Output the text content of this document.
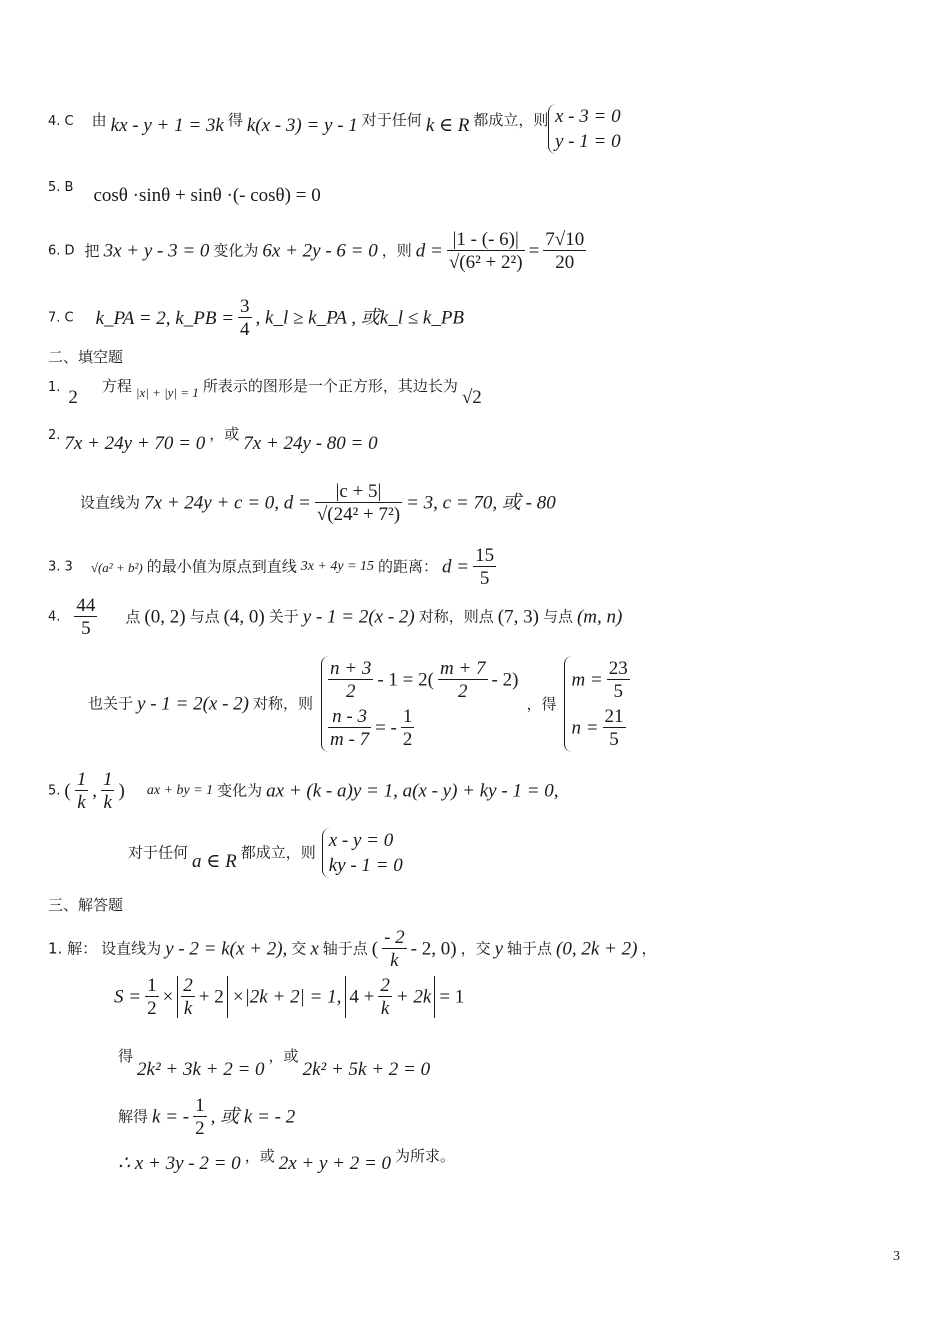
4. C 由 kx - y + 1 = 3k 得 k(x - 3) = y - 1 对于任何 k ∈ R 都成立，则 x - 3 = 0
y - 1 = 0
5. B cosθ ·sinθ + sinθ ·(- cosθ) = 0
6. D 把 3x + y - 3 = 0 变化为 6x + 2y - 6 = 0 ，则 $d = \frac{|1 - (- 6)|}{\text{√(6² + 2²)}} = \frac{7√10}{20}$
7. C k_PA = 2, k_PB = $\frac{3}{4}$ , k_l ≥ k_PA , 或k_l ≤ k_PB
二、填空题
1. 2 方程 $_{|x| + |y| = 1}$ 所表示的图形是一个正方形，其边长为 √2
2. 7x + 24y + 70 = 0 ，或 7x + 24y - 80 = 0
设直线为 7x + 24y + c = 0, $d = \frac{|c + 5|}{\text{√(24² + 7²)}} = 3$, c = 70, 或 - 80
3. 3 √(a² + b²) 的最小值为原点到直线 3x + 4y = 15 的距离： $d = \frac{15}{5}$
4. $\frac{44}{5}$ 点 (0, 2) 与点 (4, 0) 关于 y - 1 = 2(x - 2) 对称，则点 (7, 3) 与点 (m, n)
也关于 y - 1 = 2(x - 2) 对称，则
$\frac{n + 3}{2} - 1 = 2( \frac{m + 7}{2} - 2)$
$\frac{n - 3}{m - 7}$ = - $\frac{1}{2}$
，得
$m = \frac{23}{5}$
$n = \frac{21}{5}$
5. ( $\frac{1}{k}$ , $\frac{1}{k}$ ) ax + by = 1 变化为 ax + (k - a)y = 1, a(x - y) + ky - 1 = 0,
对于任何 a ∈ R 都成立，则
x - y = 0
ky - 1 = 0
三、解答题
1. 解： 设直线为 y - 2 = k(x + 2), 交 x 轴于点 ( $\frac{- 2}{k} - 2$, 0) ，交 y 轴于点 (0, 2k + 2) ，
$S = \frac{1}{2} \times \frac{2}{k} + 2 \times|2k + 2| = 1$, $4 + \frac{2}{k} + 2k = 1$
得 2k² + 3k + 2 = 0 ，或 2k² + 5k + 2 = 0
解得 k = - $\frac{1}{2}$ , 或 k = - 2
∴ x + 3y - 2 = 0 ，或 2x + y + 2 = 0 为所求。
3
